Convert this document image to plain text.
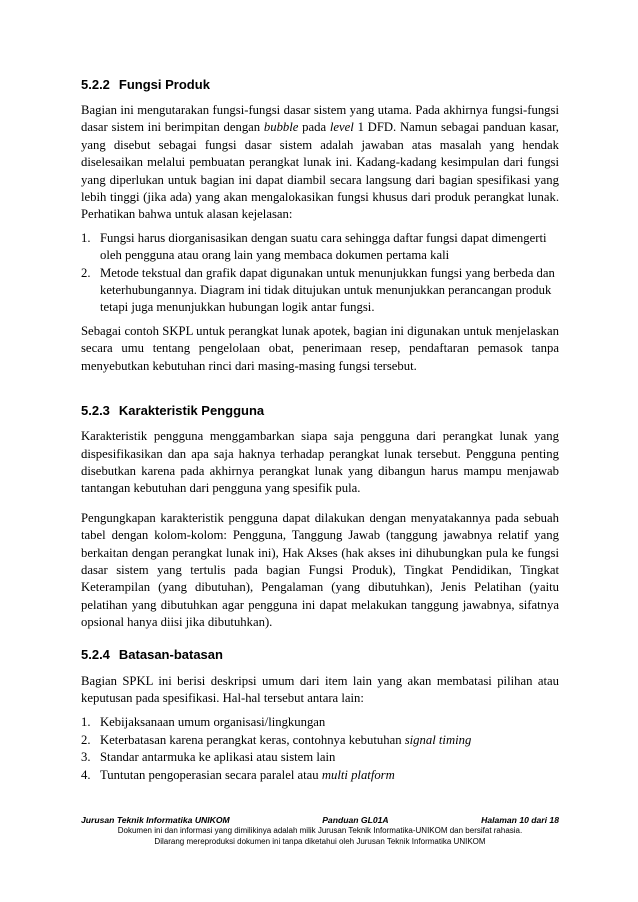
5.2.2 Fungsi Produk

Bagian ini mengutarakan fungsi-fungsi dasar sistem yang utama. Pada akhirnya fungsi-fungsi dasar sistem ini berimpitan dengan bubble pada level 1 DFD. Namun sebagai panduan kasar, yang disebut sebagai fungsi dasar sistem adalah jawaban atas masalah yang hendak diselesaikan melalui pembuatan perangkat lunak ini. Kadang-kadang kesimpulan dari fungsi yang diperlukan untuk bagian ini dapat diambil secara langsung dari bagian spesifikasi yang lebih tinggi (jika ada) yang akan mengalokasikan fungsi khusus dari produk perangkat lunak. Perhatikan bahwa untuk alasan kejelasan:

1. Fungsi harus diorganisasikan dengan suatu cara sehingga daftar fungsi dapat dimengerti oleh pengguna atau orang lain yang membaca dokumen pertama kali
2. Metode tekstual dan grafik dapat digunakan untuk menunjukkan fungsi yang berbeda dan keterhubungannya. Diagram ini tidak ditujukan untuk menunjukkan perancangan produk tetapi juga menunjukkan hubungan logik antar fungsi.

Sebagai contoh SKPL untuk perangkat lunak apotek, bagian ini digunakan untuk menjelaskan secara umu tentang pengelolaan obat, penerimaan resep, pendaftaran pemasok tanpa menyebutkan kebutuhan rinci dari masing-masing fungsi tersebut.

5.2.3 Karakteristik Pengguna

Karakteristik pengguna menggambarkan siapa saja pengguna dari perangkat lunak yang dispesifikasikan dan apa saja haknya terhadap perangkat lunak tersebut. Pengguna penting disebutkan karena pada akhirnya perangkat lunak yang dibangun harus mampu menjawab tantangan kebutuhan dari pengguna yang spesifik pula.

Pengungkapan karakteristik pengguna dapat dilakukan dengan menyatakannya pada sebuah tabel dengan kolom-kolom: Pengguna, Tanggung Jawab (tanggung jawabnya relatif yang berkaitan dengan perangkat lunak ini), Hak Akses (hak akses ini dihubungkan pula ke fungsi dasar sistem yang tertulis pada bagian Fungsi Produk), Tingkat Pendidikan, Tingkat Keterampilan (yang dibutuhan), Pengalaman (yang dibutuhkan), Jenis Pelatihan (yaitu pelatihan yang dibutuhkan agar pengguna ini dapat melakukan tanggung jawabnya, sifatnya opsional hanya diisi jika dibutuhkan).

5.2.4 Batasan-batasan

Bagian SPKL ini berisi deskripsi umum dari item lain yang akan membatasi pilihan atau keputusan pada spesifikasi. Hal-hal tersebut antara lain:

1. Kebijaksanaan umum organisasi/lingkungan
2. Keterbatasan karena perangkat keras, contohnya kebutuhan signal timing
3. Standar antarmuka ke aplikasi atau sistem lain
4. Tuntutan pengoperasian secara paralel atau multi platform
Jurusan Teknik Informatika UNIKOM	Panduan GL01A	Halaman 10 dari 18
Dokumen ini dan informasi yang dimilikinya adalah milik Jurusan Teknik Informatika-UNIKOM dan bersifat rahasia.
Dilarang mereproduksi dokumen ini tanpa diketahui oleh Jurusan Teknik Informatika UNIKOM
